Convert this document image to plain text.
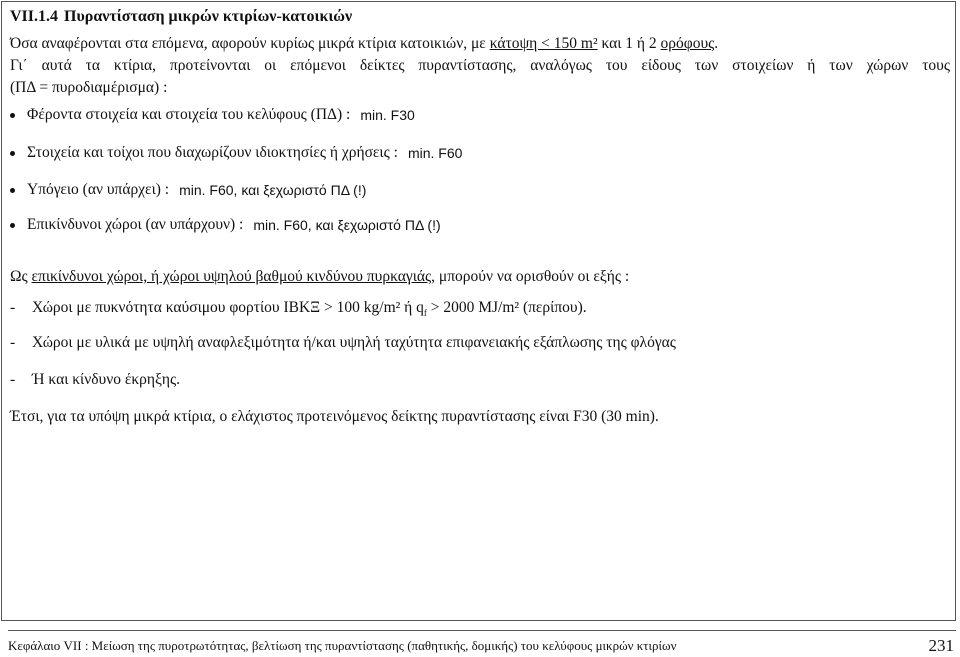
VII.1.4 Πυραντίσταση μικρών κτιρίων-κατοικιών
Όσα αναφέρονται στα επόμενα, αφορούν κυρίως μικρά κτίρια κατοικιών, με κάτοψη < 150 m² και 1 ή 2 ορόφους.
Γι΄ αυτά τα κτίρια, προτείνονται οι επόμενοι δείκτες πυραντίστασης, αναλόγως του είδους των στοιχείων ή των χώρων τους
(ΠΔ = πυροδιαμέρισμα) :
Φέροντα στοιχεία και στοιχεία του κελύφους (ΠΔ) : min. F30
Στοιχεία και τοίχοι που διαχωρίζουν ιδιοκτησίες ή χρήσεις : min. F60
Υπόγειο (αν υπάρχει) : min. F60, και ξεχωριστό ΠΔ (!)
Επικίνδυνοι χώροι (αν υπάρχουν) : min. F60, και ξεχωριστό ΠΔ (!)
Ως επικίνδυνοι χώροι, ή χώροι υψηλού βαθμού κινδύνου πυρκαγιάς, μπορούν να ορισθούν οι εξής :
- Χώροι με πυκνότητα καύσιμου φορτίου ΙΒΚΞ > 100 kg/m² ή $q_f > 2000$ MJ/m² (περίπου).
- Χώροι με υλικά με υψηλή αναφλεξιμότητα ή/και υψηλή ταχύτητα επιφανειακής εξάπλωσης της φλόγας
- Ή και κίνδυνο έκρηξης.
Έτσι, για τα υπόψη μικρά κτίρια, ο ελάχιστος προτεινόμενος δείκτης πυραντίστασης είναι F30 (30 min).
Κεφάλαιο VII : Μείωση της πυροτρωτότητας, βελτίωση της πυραντίστασης (παθητικής, δομικής) του κελύφους μικρών κτιρίων	231
